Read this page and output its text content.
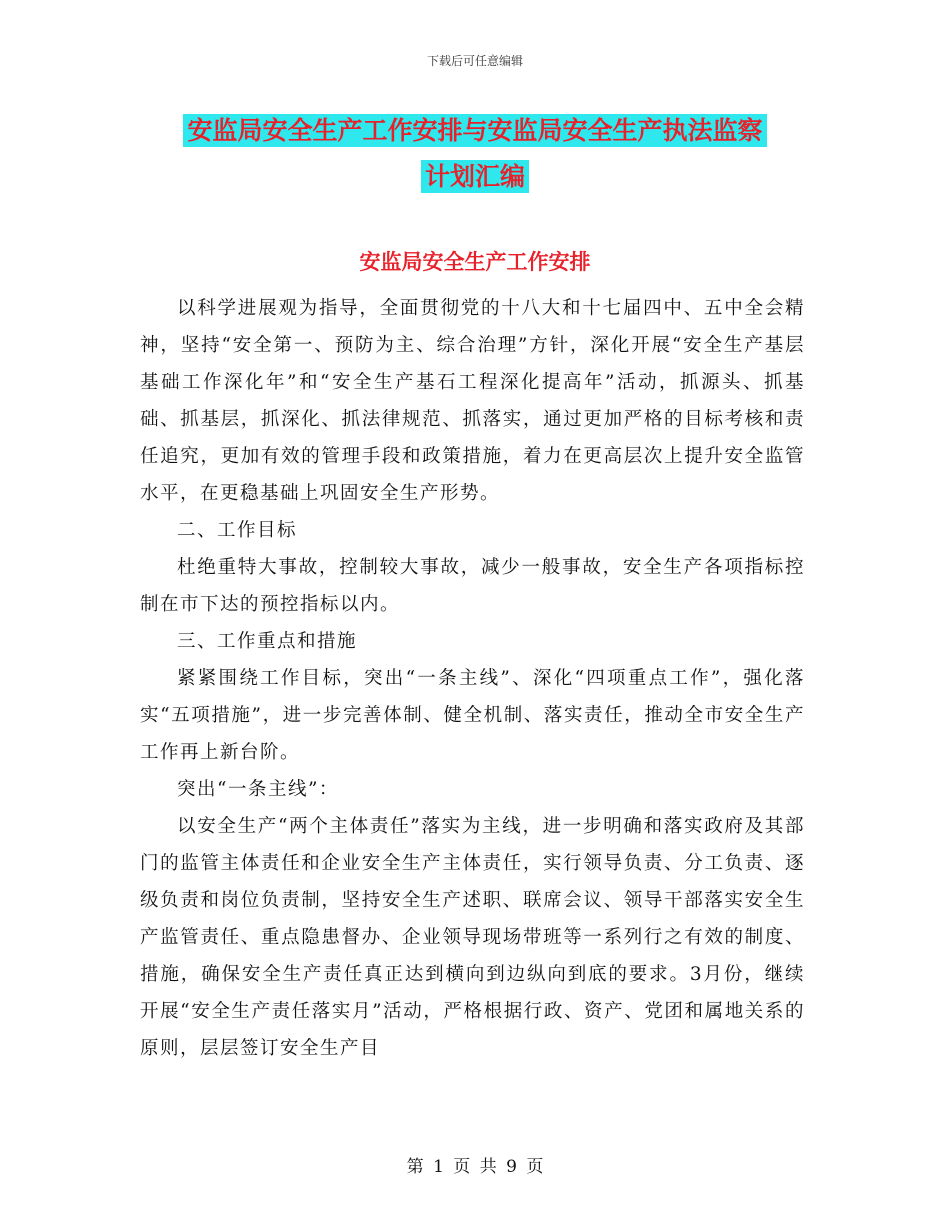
下载后可任意编辑
安监局安全生产工作安排与安监局安全生产执法监察
计划汇编
安监局安全生产工作安排

以科学进展观为指导，全面贯彻党的十八大和十七届四中、五中全会精神，坚持“安全第一、预防为主、综合治理”方针，深化开展“安全生产基层基础工作深化年”和“安全生产基石工程深化提高年”活动，抓源头、抓基础、抓基层，抓深化、抓法律规范、抓落实，通过更加严格的目标考核和责任追究，更加有效的管理手段和政策措施，着力在更高层次上提升安全监管水平，在更稳基础上巩固安全生产形势。

二、工作目标

杜绝重特大事故，控制较大事故，减少一般事故，安全生产各项指标控制在市下达的预控指标以内。

三、工作重点和措施

紧紧围绕工作目标，突出“一条主线”、深化“四项重点工作”，强化落实“五项措施”，进一步完善体制、健全机制、落实责任，推动全市安全生产工作再上新台阶。

突出“一条主线”：

以安全生产“两个主体责任”落实为主线，进一步明确和落实政府及其部门的监管主体责任和企业安全生产主体责任，实行领导负责、分工负责、逐级负责和岗位负责制，坚持安全生产述职、联席会议、领导干部落实安全生产监管责任、重点隐患督办、企业领导现场带班等一系列行之有效的制度、措施，确保安全生产责任真正达到横向到边纵向到底的要求。3月份，继续开展“安全生产责任落实月”活动，严格根据行政、资产、党团和属地关系的原则，层层签订安全生产目

第 1 页 共 9 页
